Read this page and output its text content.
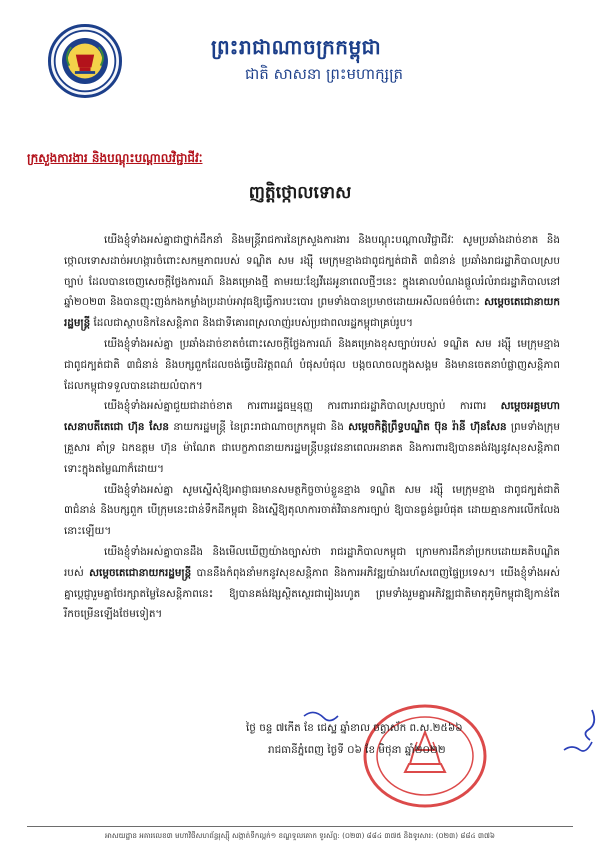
ព្រះរាជាណាចក្រកម្ពុជា
ជាតិ សាសនា ព្រះមហាក្សត្រ
ក្រសួងការងារ និងបណ្តុះបណ្តាលវិជ្ជាជីវៈ
ញត្តិថ្កោលទោស

យើងខ្ញុំទាំងអស់គ្នាជាថ្នាក់ដឹកនាំ និងមន្ត្រីរាជការនៃក្រសួងការងារ និងបណ្តុះបណ្តាលវិជ្ជាជីវៈ សូមប្រឆាំងដាច់ខាត និងថ្កោលទោសដាច់អហង្ការចំពោះសកម្មភាពរបស់ ទណ្ឌិត សម រង្ស៊ី មេក្រុមខ្មាងជាពូជក្បត់ជាតិ ៣ជំនាន់ ប្រឆាំងរាជរដ្ឋាភិបាលស្របច្បាប់ ដែលបានចេញសេចក្តីថ្លែងការណ៍ និងគម្រោងថ្មី តាមរយៈខ្សែវីដេអូនាពេលថ្មីៗនេះ ក្នុងគោលបំណងផ្តួលរំលំរាជរដ្ឋាភិបាលនៅឆ្នាំ២០២៣ និងបានញុះញង់កងកម្លាំងប្រដាប់អាវុធឱ្យធ្វើការបះបោរ ព្រមទាំងបានប្រមាថដោយអសីលធម៌ចំពោះ សម្តេចតេជោនាយករដ្ឋមន្ត្រី ដែលជាស្ថាបនិកនៃសន្តិភាព និងជាទីគោរពស្រលាញ់របស់ប្រជាពលរដ្ឋកម្ពុជាគ្រប់រូប។

យើងខ្ញុំទាំងអស់គ្នា ប្រឆាំងដាច់ខាតចំពោះសេចក្តីថ្លែងការណ៍ និងគម្រោងខុសច្បាប់របស់ ទណ្ឌិត សម រង្ស៊ី មេក្រុមខ្មាង ជាពូជក្បត់ជាតិ ៣ជំនាន់ និងបក្សពួកដែលចង់ធ្វើបដិវត្តពណ៌ បំផុសបំផុល បង្កចលាចលក្នុងសង្គម និងមានចេតនាបំផ្លាញសន្តិភាពដែលកម្ពុជាទទួលបានដោយលំបាក។

យើងខ្ញុំទាំងអស់គ្នាជួយជាដាច់ខាត ការពាររដ្ឋធម្មនុញ្ញ ការពាររាជរដ្ឋាភិបាលស្របច្បាប់ ការពារ សម្តេចអគ្គមហាសេនាបតីតេជោ ហ៊ុន សែន នាយករដ្ឋមន្ត្រី នៃព្រះរាជាណាចក្រកម្ពុជា និង សម្តេចកិត្តិព្រឹទ្ធបណ្ឌិត ប៊ុន រ៉ានី ហ៊ុនសែន ព្រមទាំងក្រុមគ្រួសារ គាំទ្រ ឯកឧត្តម ហ៊ុន ម៉ាណែត ជាបេក្ខភាពនាយករដ្ឋមន្ត្រីបន្តវេននាពេលអនាគត និងការពារឱ្យបានគង់វង្សនូវសុខសន្តិភាព ទោះក្នុងតម្លៃណាក៏ដោយ។

យើងខ្ញុំទាំងអស់គ្នា សូមស្នើសុំឱ្យអាជ្ញាធរមានសមត្ថកិច្ចចាប់ខ្លួនខ្មាង ទណ្ឌិត សម រង្ស៊ី មេក្រុមខ្មាង ជាពូជក្បត់ជាតិ ៣ជំនាន់ និងបក្សពួក បើក្រុមនេះជាន់ទឹកដីកម្ពុជា និងស្នើឱ្យតុលាការចាត់វិធានការច្បាប់ ឱ្យបានធ្ងន់ធ្ងរបំផុត ដោយគ្មានការលើកលែងនោះឡើយ។

យើងខ្ញុំទាំងអស់គ្នាបានដឹង និងមើលឃើញយ៉ាងច្បាស់ថា រាជរដ្ឋាភិបាលកម្ពុជា ក្រោមការដឹកនាំប្រកបដោយគតិបណ្ឌិតរបស់ សម្តេចតេជោនាយករដ្ឋមន្ត្រី បាននឹងកំពុងនាំមកនូវសុខសន្តិភាព និងការអភិវឌ្ឍយ៉ាងរហ័សពេញផ្ទៃប្រទេស។ យើងខ្ញុំទាំងអស់គ្នាប្តេជ្ញារួមគ្នាថែរក្សាតម្លៃនៃសន្តិភាពនេះ ឱ្យបានគង់វង្សស្ថិតស្ថេរជារៀងរហូត ព្រមទាំងរួមគ្នាអភិវឌ្ឍជាតិមាតុភូមិកម្ពុជាឱ្យកាន់តែរីកចម្រើនឡើងថែមទៀត។

ថ្ងៃ ចន្ទ ៧កើត ខែ ជេស្ឋ ឆ្នាំខាល ចត្វាស័ក ព.ស.២៥៦៦
រាជធានីភ្នំពេញ ថ្ងៃទី ០៦ ខែ មិថុនា ឆ្នាំ២០២២
អាសយដ្ឋាន អគារលេខ៣ មហាវិថីសហព័ន្ធរុស្ស៊ី សង្កាត់ទឹកល្អក់១ ខណ្ឌទួលគោក ទូរស័ព្ទ: (០២៣) ៨៨៤ ៣៧៥ និងទូរសារ: (០២៣) ៨៨៤ ៣៧៦
